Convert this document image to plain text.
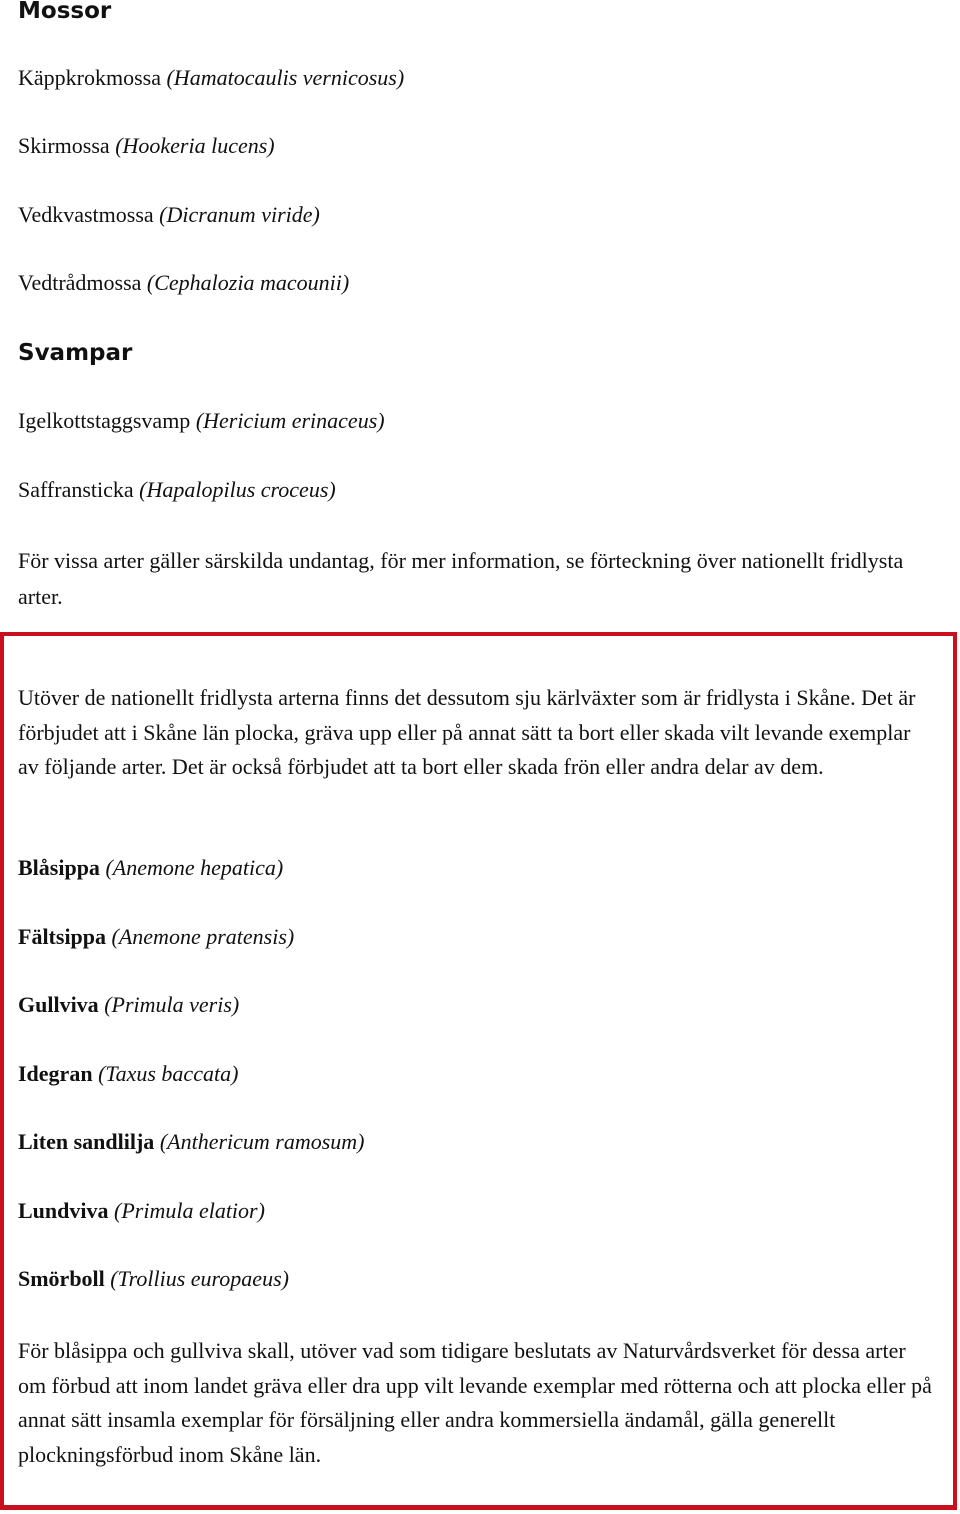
Mossor

Käppkrokmossa (Hamatocaulis vernicosus)

Skirmossa (Hookeria lucens)

Vedkvastmossa (Dicranum viride)

Vedtrådmossa (Cephalozia macounii)

Svampar

Igelkottstaggsvamp (Hericium erinaceus)

Saffransticka (Hapalopilus croceus)

För vissa arter gäller särskilda undantag, för mer information, se förteckning över nationellt fridlysta arter.

Utöver de nationellt fridlysta arterna finns det dessutom sju kärlväxter som är fridlysta i Skåne. Det är förbjudet att i Skåne län plocka, gräva upp eller på annat sätt ta bort eller skada vilt levande exemplar av följande arter. Det är också förbjudet att ta bort eller skada frön eller andra delar av dem.

Blåsippa (Anemone hepatica)

Fältsippa (Anemone pratensis)

Gullviva (Primula veris)

Idegran (Taxus baccata)

Liten sandlilja (Anthericum ramosum)

Lundviva (Primula elatior)

Smörboll (Trollius europaeus)

För blåsippa och gullviva skall, utöver vad som tidigare beslutats av Naturvårdsverket för dessa arter om förbud att inom landet gräva eller dra upp vilt levande exemplar med rötterna och att plocka eller på annat sätt insamla exemplar för försäljning eller andra kommersiella ändamål, gälla generellt plockningsförbud inom Skåne län.
